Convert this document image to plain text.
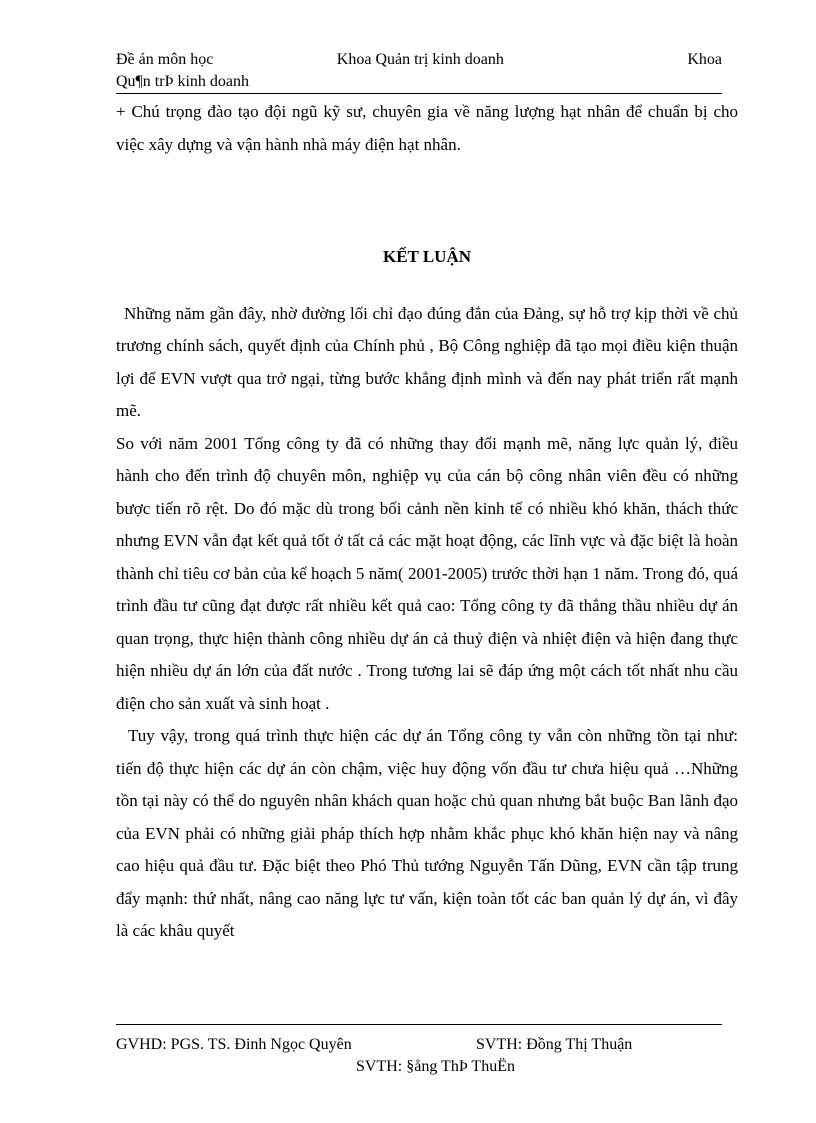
Đề án môn học	Khoa Quản trị kinh doanh	Khoa
Qu¶n trÞ kinh doanh

+ Chú trọng đào tạo đội ngũ kỹ sư, chuyên gia về năng lượng hạt nhân để chuẩn bị cho việc xây dựng và vận hành nhà máy điện hạt nhân.

KẾT LUẬN

Những năm gần đây, nhờ đường lối chỉ đạo đúng đắn của Đảng, sự hỗ trợ kịp thời về chủ trương chính sách, quyết định của Chính phủ , Bộ Công nghiệp đã tạo mọi điều kiện thuận lợi để EVN vượt qua trở ngại, từng bước khẳng định mình và đến nay phát triển rất mạnh mẽ.

So với năm 2001 Tổng công ty đã có những thay đổi mạnh mẽ, năng lực quản lý, điều hành cho đến trình độ chuyên môn, nghiệp vụ của cán bộ công nhân viên đều có những bược tiến rõ rệt. Do đó mặc dù trong bối cảnh nền kinh tế có nhiều khó khăn, thách thức nhưng EVN vẫn đạt kết quả tốt ở tất cả các mặt hoạt động, các lĩnh vực và đặc biệt là hoàn thành chỉ tiêu cơ bản của kế hoạch 5 năm( 2001-2005) trước thời hạn 1 năm. Trong đó, quá trình đầu tư cũng đạt được rất nhiều kết quả cao: Tổng công ty đã thắng thầu nhiều dự án quan trọng, thực hiện thành công nhiều dự án cả thuỷ điện và nhiệt điện và hiện đang thực hiện nhiều dự án lớn của đất nước . Trong tương lai sẽ đáp ứng một cách tốt nhất nhu cầu điện cho sản xuất và sinh hoạt .

Tuy vậy, trong quá trình thực hiện các dự án Tổng công ty vẫn còn những tồn tại như: tiến độ thực hiện các dự án còn chậm, việc huy động vốn đầu tư chưa hiệu quả …Những tồn tại này có thể do nguyên nhân khách quan hoặc chủ quan nhưng bắt buộc Ban lãnh đạo của EVN phải có những giải pháp thích hợp nhằm khắc phục khó khăn hiện nay và nâng cao hiệu quả đầu tư. Đặc biệt theo Phó Thủ tướng Nguyễn Tấn Dũng, EVN cần tập trung đẩy mạnh: thứ nhất, nâng cao năng lực tư vấn, kiện toàn tốt các ban quản lý dự án, vì đây là các khâu quyết

GVHD: PGS. TS. Đinh Ngọc Quyên	SVTH: Đồng Thị Thuận
SVTH: §ång ThÞ ThuËn
